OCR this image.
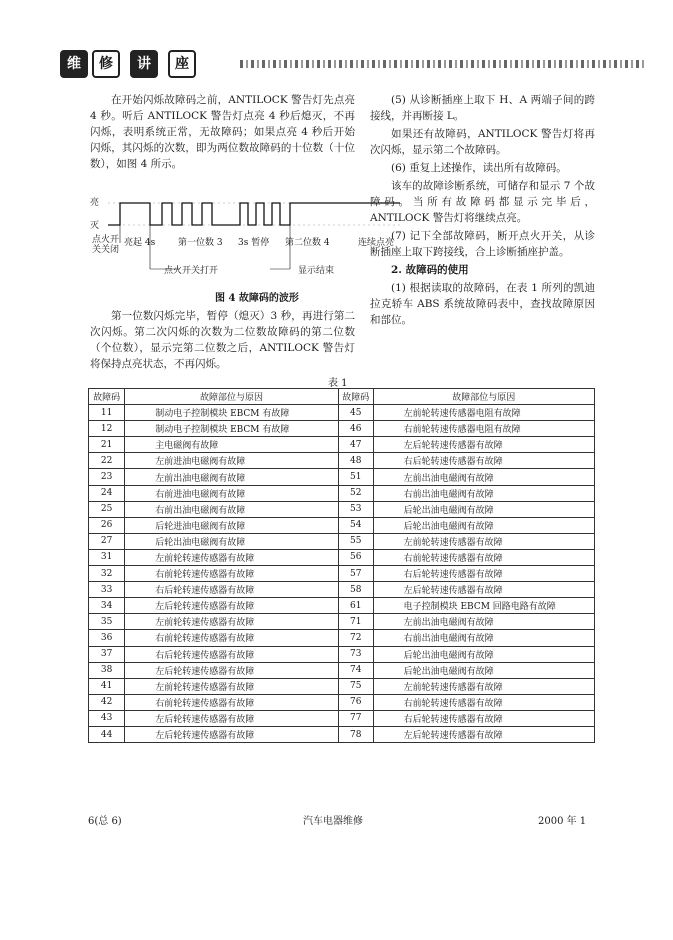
维	修	讲	座

在开始闪烁故障码之前，ANTILOCK 警告灯先点亮 4 秒。听后 ANTILOCK 警告灯点亮 4 秒后熄灭，不再闪烁，表明系统正常，无故障码；如果点亮 4 秒后开始闪烁，其闪烁的次数，即为两位数故障码的十位数（十位数），如图 4 所示。

亮
灭
点火开关关闭
亮起 4s	第一位数 3 3s 暂停 第二位数 4	连续点亮
点火开关打开	显示结束
图 4 故障码的波形

第一位数闪烁完毕，暂停（熄灭）3 秒，再进行第二次闪烁。第二次闪烁的次数为二位数故障码的第二位数（个位数），显示完第二位数之后，ANTILOCK 警告灯将保持点亮状态，不再闪烁。

(5) 从诊断插座上取下 H、A 两端子间的跨接线，并再断接 L。

如果还有故障码，ANTILOCK 警告灯将再次闪烁，显示第二个故障码。

(6) 重复上述操作，读出所有故障码。

该车的故障诊断系统，可储存和显示 7 个故障码。当所有故障码都显示完毕后，ANTILOCK 警告灯将继续点亮。

(7) 记下全部故障码，断开点火开关，从诊断插座上取下跨接线，合上诊断插座护盖。

2. 故障码的使用

(1) 根据读取的故障码，在表 1 所列的凯迪拉克轿车 ABS 系统故障码表中，查找故障原因和部位。

表 1
故障码	故障部位与原因	故障码	故障部位与原因
11	制动电子控制模块 EBCM 有故障	45	左前轮转速传感器电阻有故障
12	制动电子控制模块 EBCM 有故障	46	右前轮转速传感器电阻有故障
21	主电磁阀有故障	47	左后轮转速传感器有故障
22	左前进油电磁阀有故障	48	右后轮转速传感器有故障
23	左前出油电磁阀有故障	51	左前出油电磁阀有故障
24	右前进油电磁阀有故障	52	右前出油电磁阀有故障
25	右前出油电磁阀有故障	53	后轮出油电磁阀有故障
26	后轮进油电磁阀有故障	54	后轮出油电磁阀有故障
27	后轮出油电磁阀有故障	55	左前轮转速传感器有故障
31	左前轮转速传感器有故障	56	右前轮转速传感器有故障
32	右前轮转速传感器有故障	57	右后轮转速传感器有故障
33	右后轮转速传感器有故障	58	左后轮转速传感器有故障
34	左后轮转速传感器有故障	61	电子控制模块 EBCM 回路电路有故障
35	左前轮转速传感器有故障	71	左前出油电磁阀有故障
36	右前轮转速传感器有故障	72	右前出油电磁阀有故障
37	右后轮转速传感器有故障	73	后轮出油电磁阀有故障
38	左后轮转速传感器有故障	74	后轮出油电磁阀有故障
41	左前轮转速传感器有故障	75	左前轮转速传感器有故障
42	右前轮转速传感器有故障	76	右前轮转速传感器有故障
43	左后轮转速传感器有故障	77	右后轮转速传感器有故障
44	左后轮转速传感器有故障	78	左后轮转速传感器有故障
6(总 6)	汽车电器维修	2000 年 1
